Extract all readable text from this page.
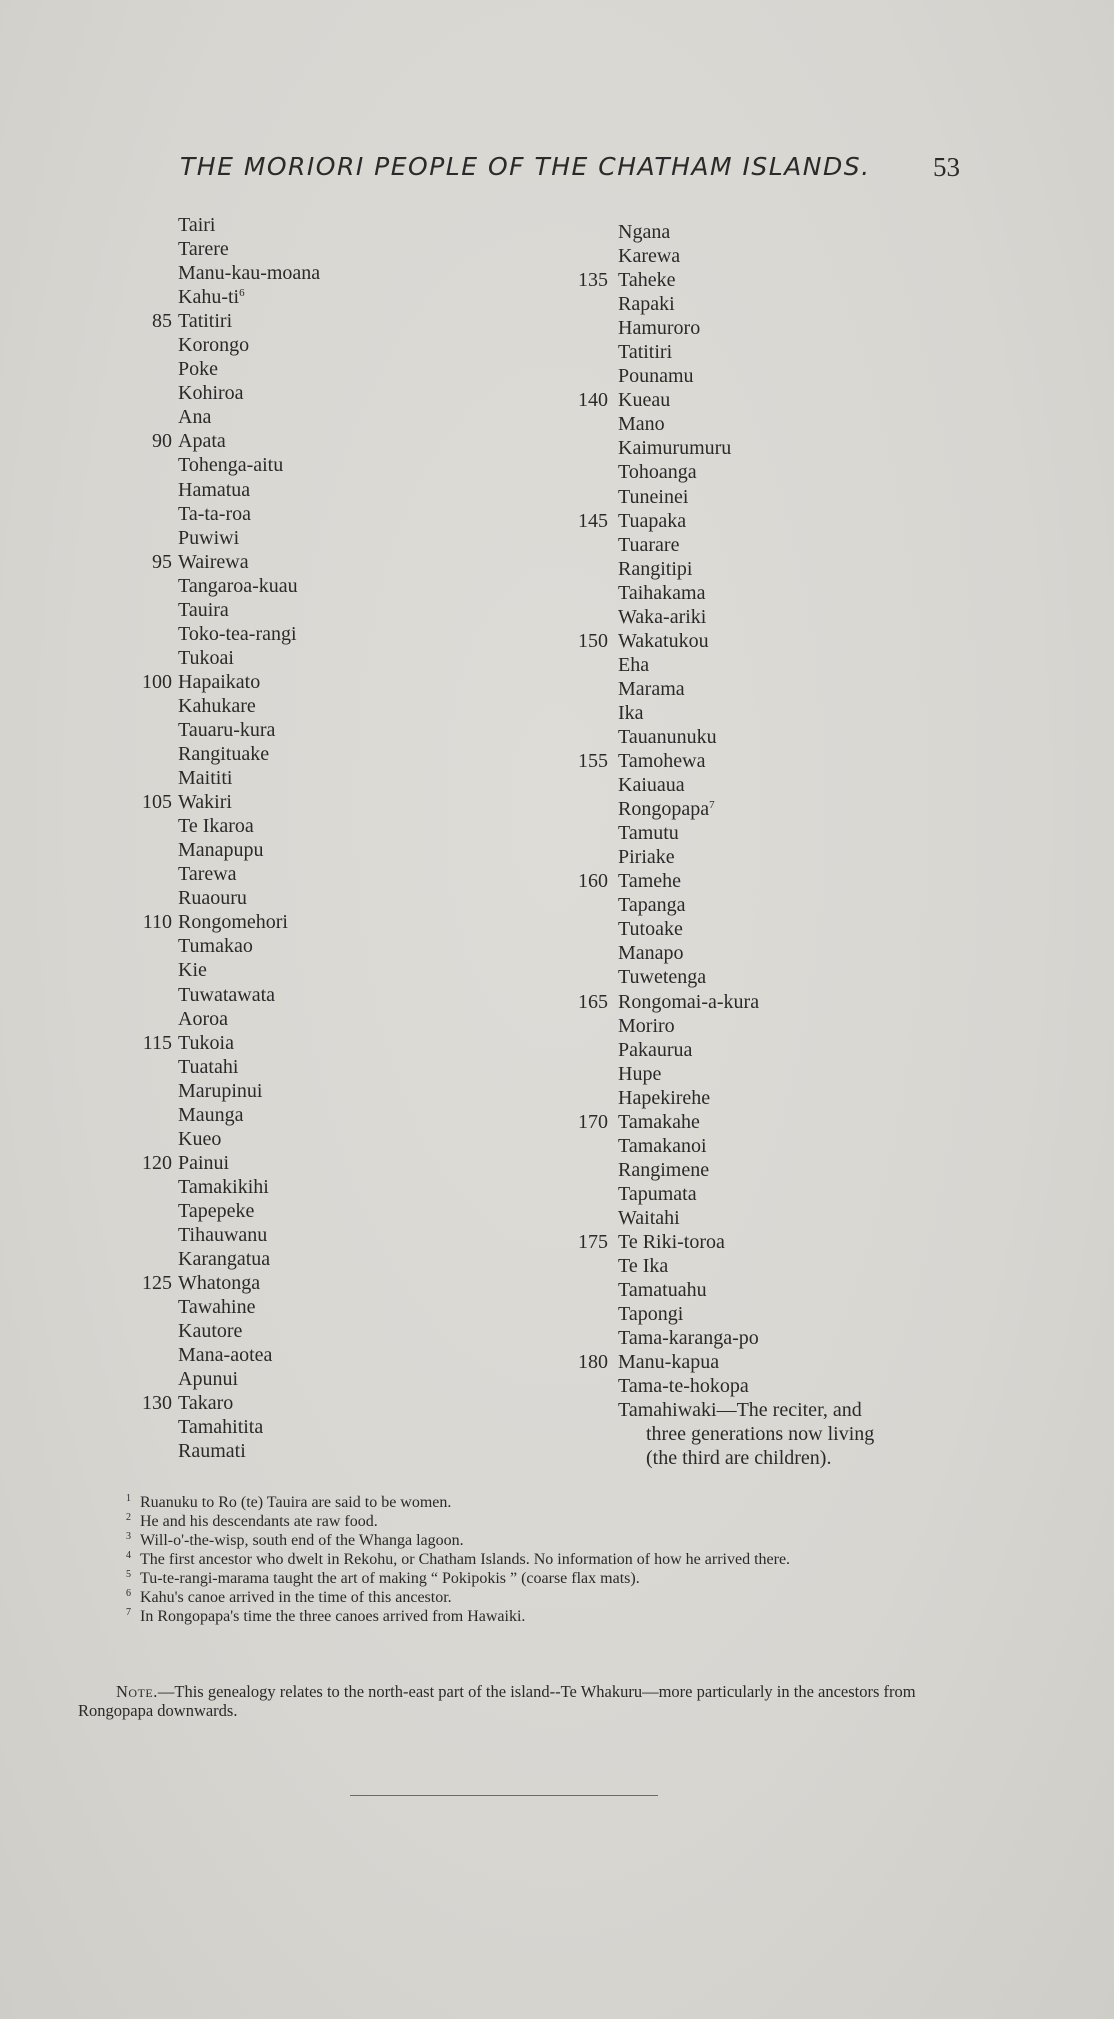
THE MORIORI PEOPLE OF THE CHATHAM ISLANDS. 53
Tairi
Tarere
Manu-kau-moana
Kahu-$ti^6$
85 Tatitiri
Korongo
Poke
Kohiroa
Ana
90 Apata
Tohenga-aitu
Hamatua
Ta-ta-roa
Puwiwi
95 Wairewa
Tangaroa-kuau
Tauira
Toko-tea-rangi
Tukoai
100 Hapaikato
Kahukare
Tauaru-kura
Rangituake
Maititi
105 Wakiri
Te Ikaroa
Manapupu
Tarewa
Ruaouru
110 Rongomehori
Tumakao
Kie
Tuwatawata
Aoroa
115 Tukoia
Tuatahi
Marupinui
Maunga
Kueo
120 Painui
Tamakikihi
Tapepeke
Tihauwanu
Karangatua
125 Whatonga
Tawahine
Kautore
Mana-aotea
Apunui
130 Takaro
Tamahitita
Raumati
Ngana
Karewa
135 Taheke
Rapaki
Hamuroro
Tatitiri
Pounamu
140 Kueau
Mano
Kaimurumuru
Tohoanga
Tuneinei
145 Tuapaka
Tuarare
Rangitipi
Taihakama
Waka-ariki
150 Wakatukou
Eha
Marama
Ika
Tauanunuku
155 Tamohewa
Kaiuaua
Rongopapa$^7$
Tamutu
Piriake
160 Tamehe
Tapanga
Tutoake
Manapo
Tuwetenga
165 Rongomai-a-kura
Moriro
Pakaurua
Hupe
Hapekirehe
170 Tamakahe
Tamakanoi
Rangimene
Tapumata
Waitahi
175 Te Riki-toroa
Te Ika
Tamatuahu
Tapongi
Tama-karanga-po
180 Manu-kapua
Tama-te-hokopa
Tamahiwaki—The reciter, and
three generations now living
(the third are children).
1 Ruanuku to Ro (te) Tauira are said to be women.
2 He and his descendants ate raw food.
3 Will-o'-the-wisp, south end of the Whanga lagoon.
4 The first ancestor who dwelt in Rekohu, or Chatham Islands. No information of how he arrived there.
5 Tu-te-rangi-marama taught the art of making “ Pokipokis ” (coarse flax mats).
6 Kahu's canoe arrived in the time of this ancestor.
7 In Rongopapa's time the three canoes arrived from Hawaiki.
Note.—This genealogy relates to the north-east part of the island--Te Whakuru—more particularly in the ancestors from Rongopapa downwards.
